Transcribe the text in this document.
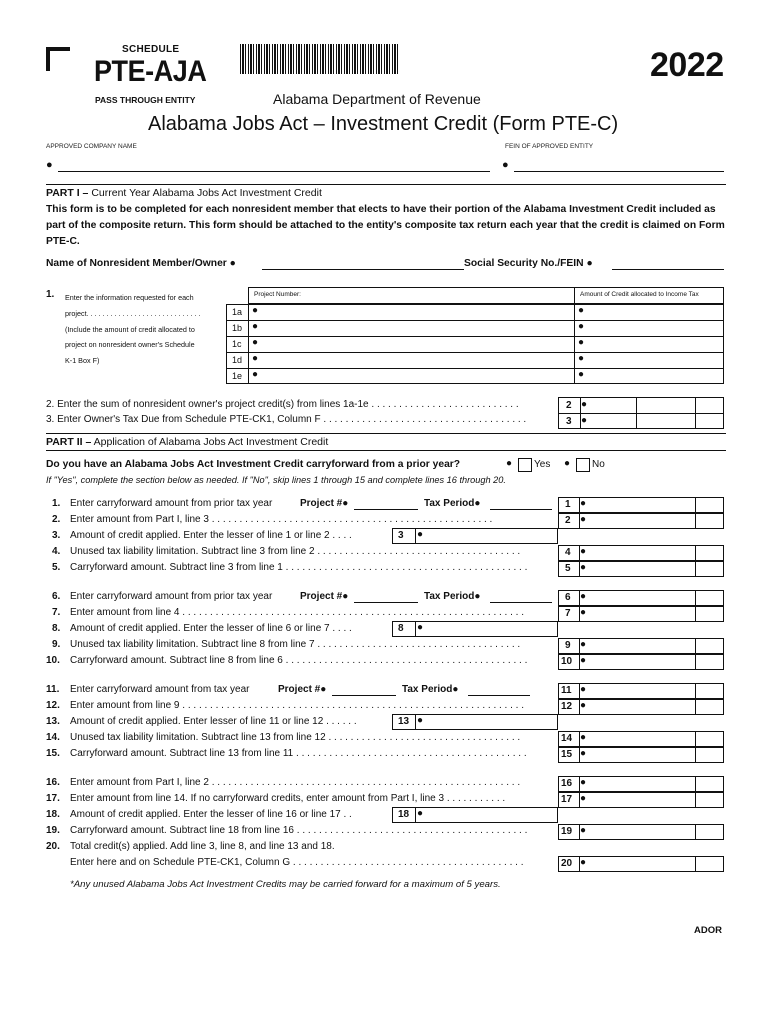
SCHEDULE
PTE-AJA
PASS THROUGH ENTITY
2022
Alabama Department of Revenue
Alabama Jobs Act – Investment Credit (Form PTE-C)
APPROVED COMPANY NAME	FEIN OF APPROVED ENTITY
●	●
PART I – Current Year Alabama Jobs Act Investment Credit
This form is to be completed for each nonresident member that elects to have their portion of the Alabama Investment Credit included as part of the composite return. This form should be attached to the entity's composite tax return each year that the credit is claimed on Form PTE-C.
Name of Nonresident Member/Owner ●	Social Security No./FEIN ●
1. Enter the information requested for each
project. . . . . . . . . . . . . . . . . . . . . . . . . . . . .
(Include the amount of credit allocated to
project on nonresident owner's Schedule
K-1 Box F)
Project Number:	Amount of Credit allocated to Income Tax
1a ●	●
1b ●	●
1c ●	●
1d ●	●
1e ●	●
2. Enter the sum of nonresident owner's project credit(s) from lines 1a-1e . . . . . . . . . . . . . . . . . . . . . . . . . . .
3. Enter Owner's Tax Due from Schedule PTE-CK1, Column F . . . . . . . . . . . . . . . . . . . . . . . . . . . . . . . . . . . . .
2 ●
3 ●
PART II – Application of Alabama Jobs Act Investment Credit
Do you have an Alabama Jobs Act Investment Credit carryforward from a prior year?	● Yes ● No
If "Yes", complete the section below as needed. If "No", skip lines 1 through 15 and complete lines 16 through 20.
1. Enter carryforward amount from prior tax year	Project #●	Tax Period●	1 ●
2. Enter amount from Part I, line 3 . . . . . . . . . . . . . . . . . . . . . . . . . . . . . . . . . . . . . . . . . . . . . . . . . . .	2 ●
3. Amount of credit applied. Enter the lesser of line 1 or line 2 . . . .	3 ●
4. Unused tax liability limitation. Subtract line 3 from line 2 . . . . . . . . . . . . . . . . . . . . . . . . . . . . . . . . . . . . .	4 ●
5. Carryforward amount. Subtract line 3 from line 1 . . . . . . . . . . . . . . . . . . . . . . . . . . . . . . . . . . . . . . . . . . . .	5 ●
6. Enter carryforward amount from prior tax year	Project #●	Tax Period●	6 ●
7. Enter amount from line 4 . . . . . . . . . . . . . . . . . . . . . . . . . . . . . . . . . . . . . . . . . . . . . . . . . . . . . . . . . . . . . .	7 ●
8. Amount of credit applied. Enter the lesser of line 6 or line 7 . . . .	8 ●
9. Unused tax liability limitation. Subtract line 8 from line 7 . . . . . . . . . . . . . . . . . . . . . . . . . . . . . . . . . . . . .	9 ●
10. Carryforward amount. Subtract line 8 from line 6 . . . . . . . . . . . . . . . . . . . . . . . . . . . . . . . . . . . . . . . . . . . .	10 ●
11. Enter carryforward amount from tax year	Project #●	Tax Period●	11 ●
12. Enter amount from line 9 . . . . . . . . . . . . . . . . . . . . . . . . . . . . . . . . . . . . . . . . . . . . . . . . . . . . . . . . . . . . . .	12 ●
13. Amount of credit applied. Enter lesser of line 11 or line 12 . . . . . .	13 ●
14. Unused tax liability limitation. Subtract line 13 from line 12 . . . . . . . . . . . . . . . . . . . . . . . . . . . . . . . . . . .	14 ●
15. Carryforward amount. Subtract line 13 from line 11 . . . . . . . . . . . . . . . . . . . . . . . . . . . . . . . . . . . . . . . . . .	15 ●
16. Enter amount from Part I, line 2 . . . . . . . . . . . . . . . . . . . . . . . . . . . . . . . . . . . . . . . . . . . . . . . . . . . . . . . .	16 ●
17. Enter amount from line 14. If no carryforward credits, enter amount from Part I, line 3 . . . . . . . . . . .	17 ●
18. Amount of credit applied. Enter the lesser of line 16 or line 17 . .	18 ●
19. Carryforward amount. Subtract line 18 from line 16 . . . . . . . . . . . . . . . . . . . . . . . . . . . . . . . . . . . . . . . . . .	19 ●
20. Total credit(s) applied. Add line 3, line 8, and line 13 and 18.
20 ●
Enter here and on Schedule PTE-CK1, Column G . . . . . . . . . . . . . . . . . . . . . . . . . . . . . . . . . . . . . . . . . .
*Any unused Alabama Jobs Act Investment Credits may be carried forward for a maximum of 5 years.
ADOR
